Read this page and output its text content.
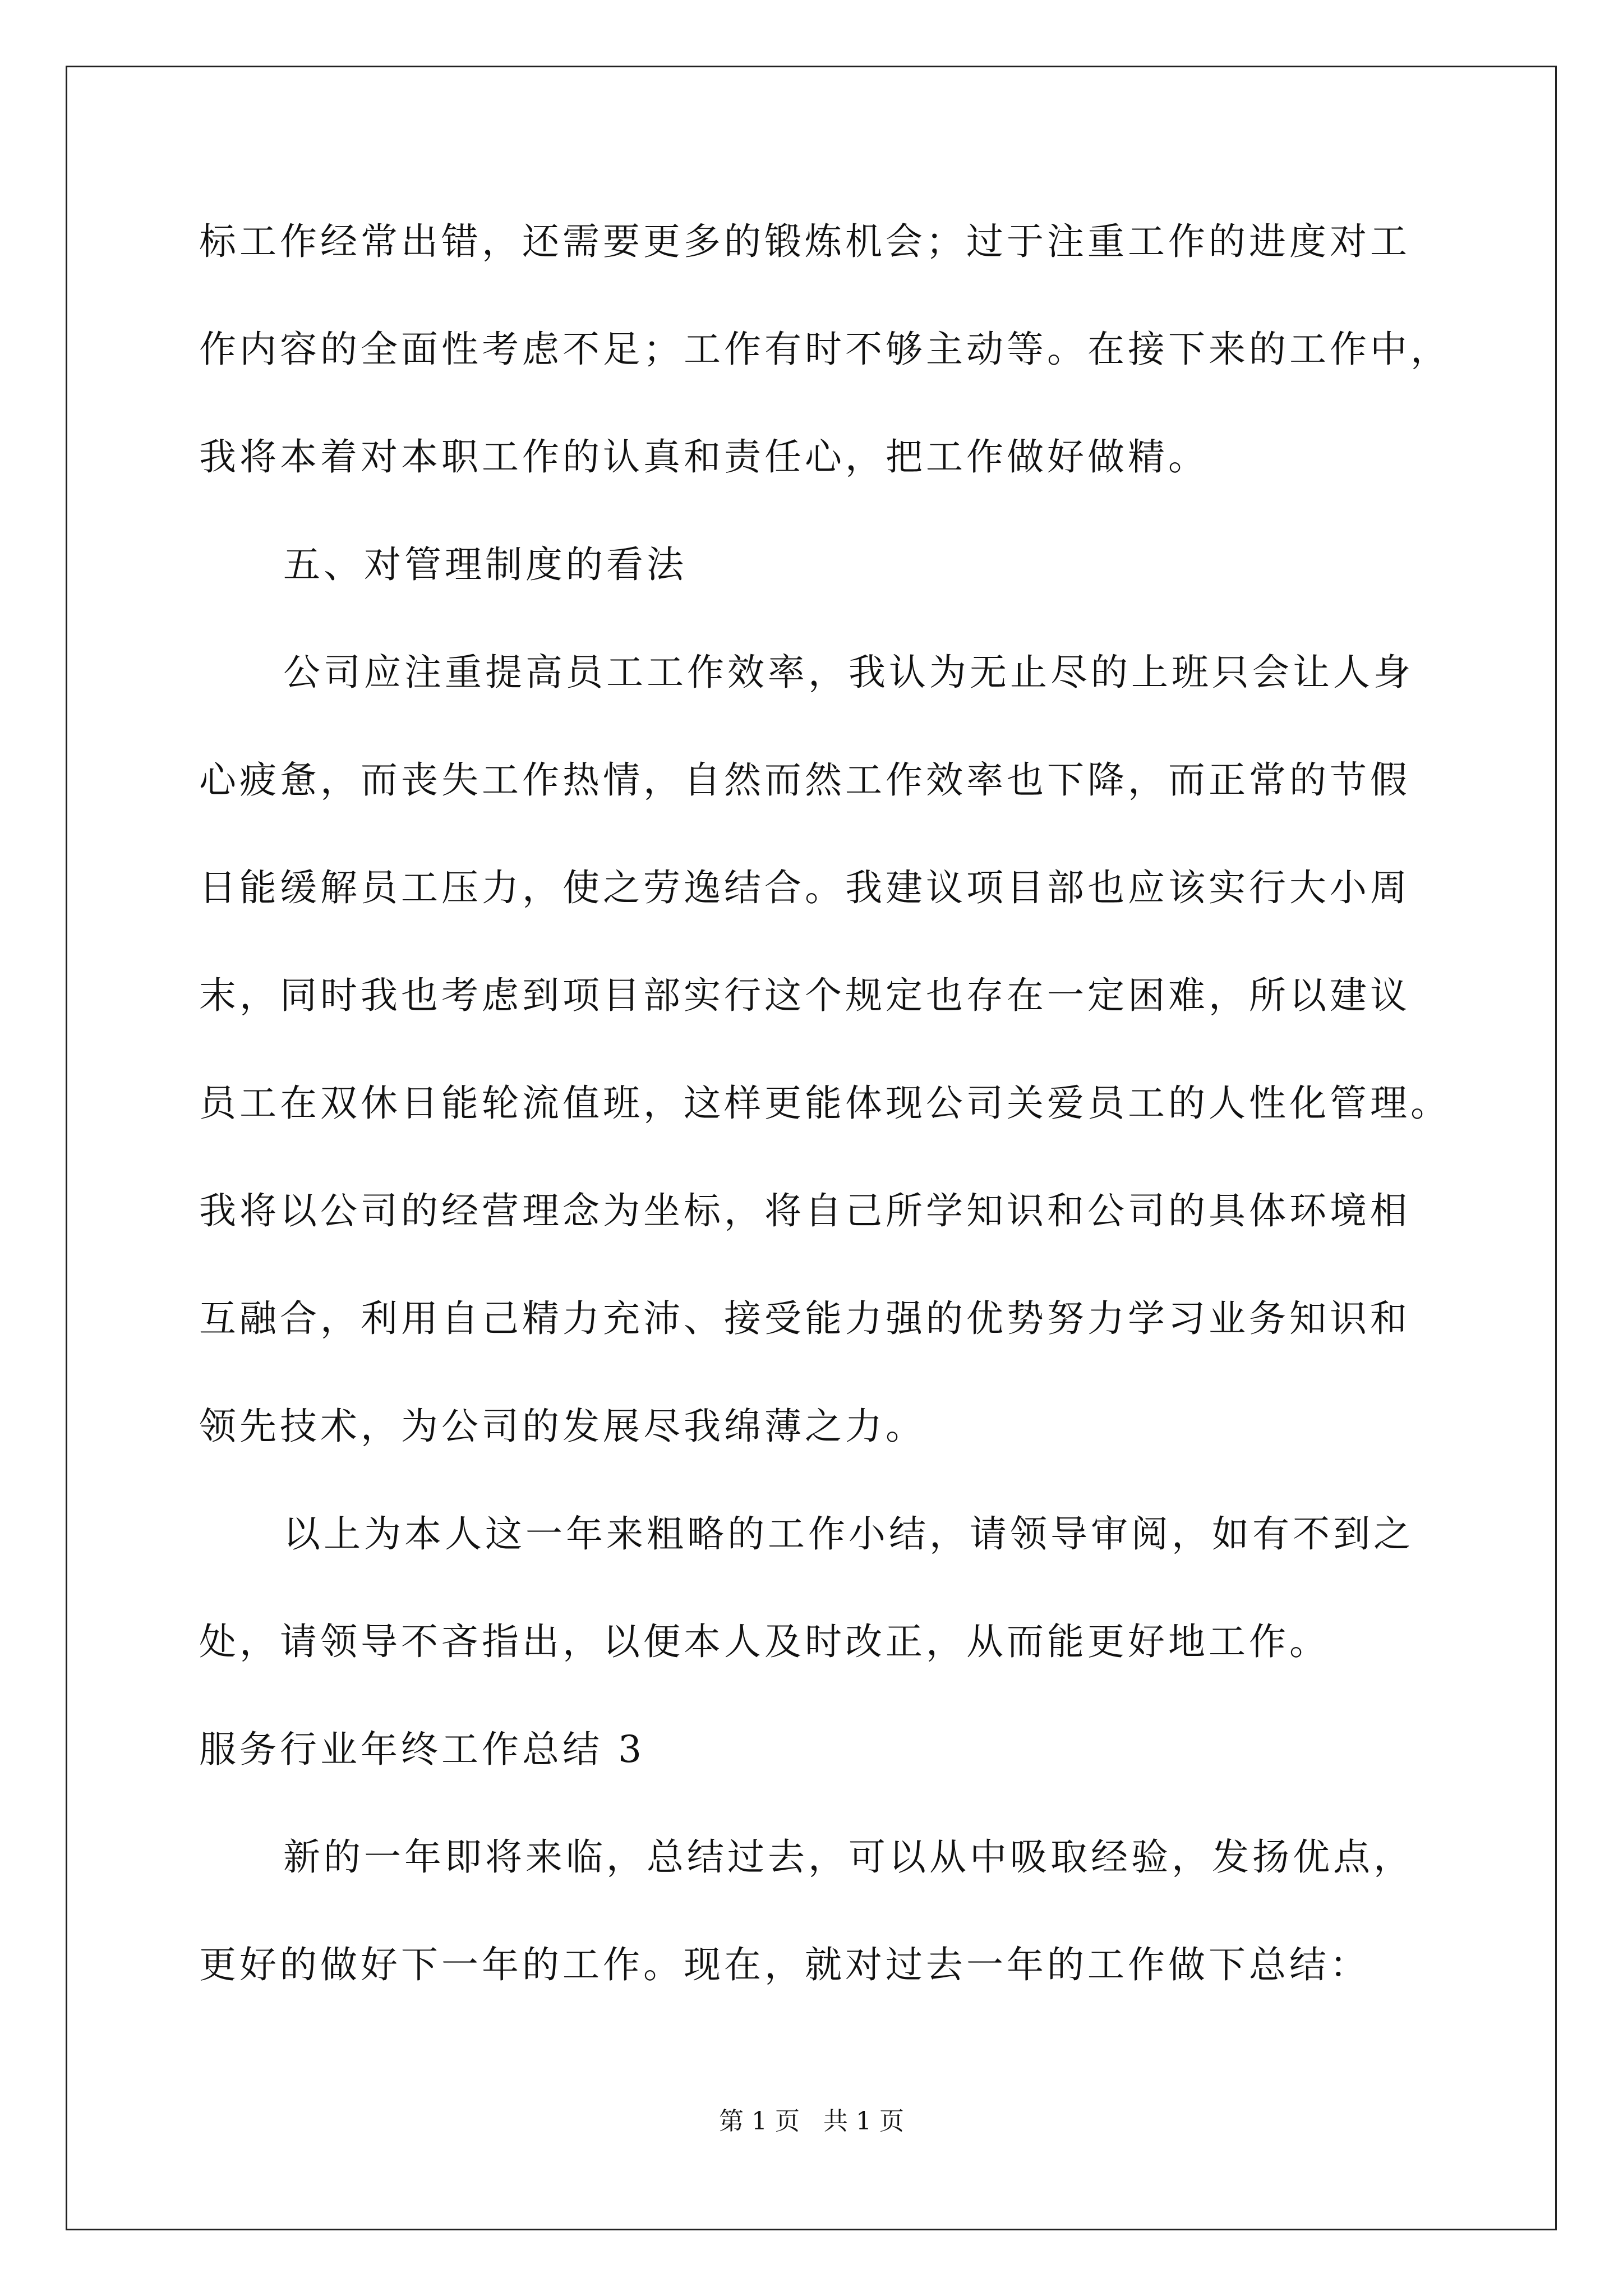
标工作经常出错，还需要更多的锻炼机会；过于注重工作的进度对工
作内容的全面性考虑不足；工作有时不够主动等。在接下来的工作中，
我将本着对本职工作的认真和责任心，把工作做好做精。
五、对管理制度的看法
公司应注重提高员工工作效率，我认为无止尽的上班只会让人身
心疲惫，而丧失工作热情，自然而然工作效率也下降，而正常的节假
日能缓解员工压力，使之劳逸结合。我建议项目部也应该实行大小周
末，同时我也考虑到项目部实行这个规定也存在一定困难，所以建议
员工在双休日能轮流值班，这样更能体现公司关爱员工的人性化管理。
我将以公司的经营理念为坐标，将自己所学知识和公司的具体环境相
互融合，利用自己精力充沛、接受能力强的优势努力学习业务知识和
领先技术，为公司的发展尽我绵薄之力。
以上为本人这一年来粗略的工作小结，请领导审阅，如有不到之
处，请领导不吝指出，以便本人及时改正，从而能更好地工作。
服务行业年终工作总结 3
新的一年即将来临，总结过去，可以从中吸取经验，发扬优点，
更好的做好下一年的工作。现在，就对过去一年的工作做下总结：
第 1 页 共 1 页
